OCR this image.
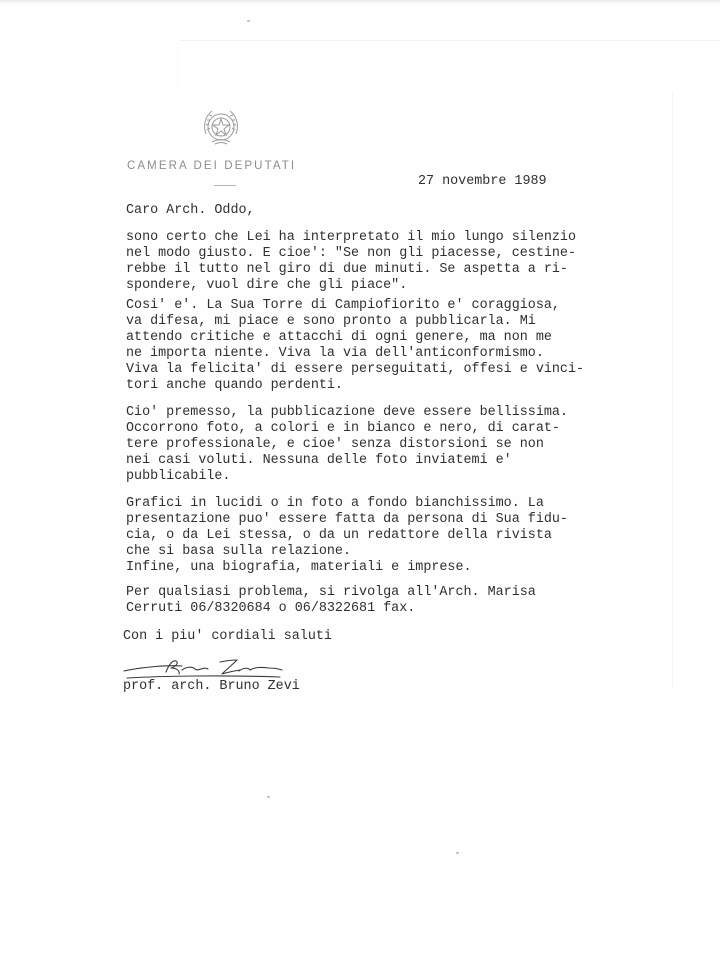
CAMERA DEI DEPUTATI
27 novembre 1989
Caro Arch. Oddo,
sono certo che Lei ha interpretato il mio lungo silenzio
nel modo giusto. E cioe': "Se non gli piacesse, cestine-
rebbe il tutto nel giro di due minuti. Se aspetta a ri-
spondere, vuol dire che gli piace".
Cosi' e'. La Sua Torre di Campiofiorito e' coraggiosa,
va difesa, mi piace e sono pronto a pubblicarla. Mi
attendo critiche e attacchi di ogni genere, ma non me
ne importa niente. Viva la via dell'anticonformismo.
Viva la felicita' di essere perseguitati, offesi e vinci-
tori anche quando perdenti.
Cio' premesso, la pubblicazione deve essere bellissima.
Occorrono foto, a colori e in bianco e nero, di carat-
tere professionale, e cioe' senza distorsioni se non
nei casi voluti. Nessuna delle foto inviatemi e'
pubblicabile.
Grafici in lucidi o in foto a fondo bianchissimo. La
presentazione puo' essere fatta da persona di Sua fidu-
cia, o da Lei stessa, o da un redattore della rivista
che si basa sulla relazione.
Infine, una biografia, materiali e imprese.
Per qualsiasi problema, si rivolga all'Arch. Marisa
Cerruti 06/8320684 o 06/8322681 fax.
Con i piu' cordiali saluti
prof. arch. Bruno Zevi
